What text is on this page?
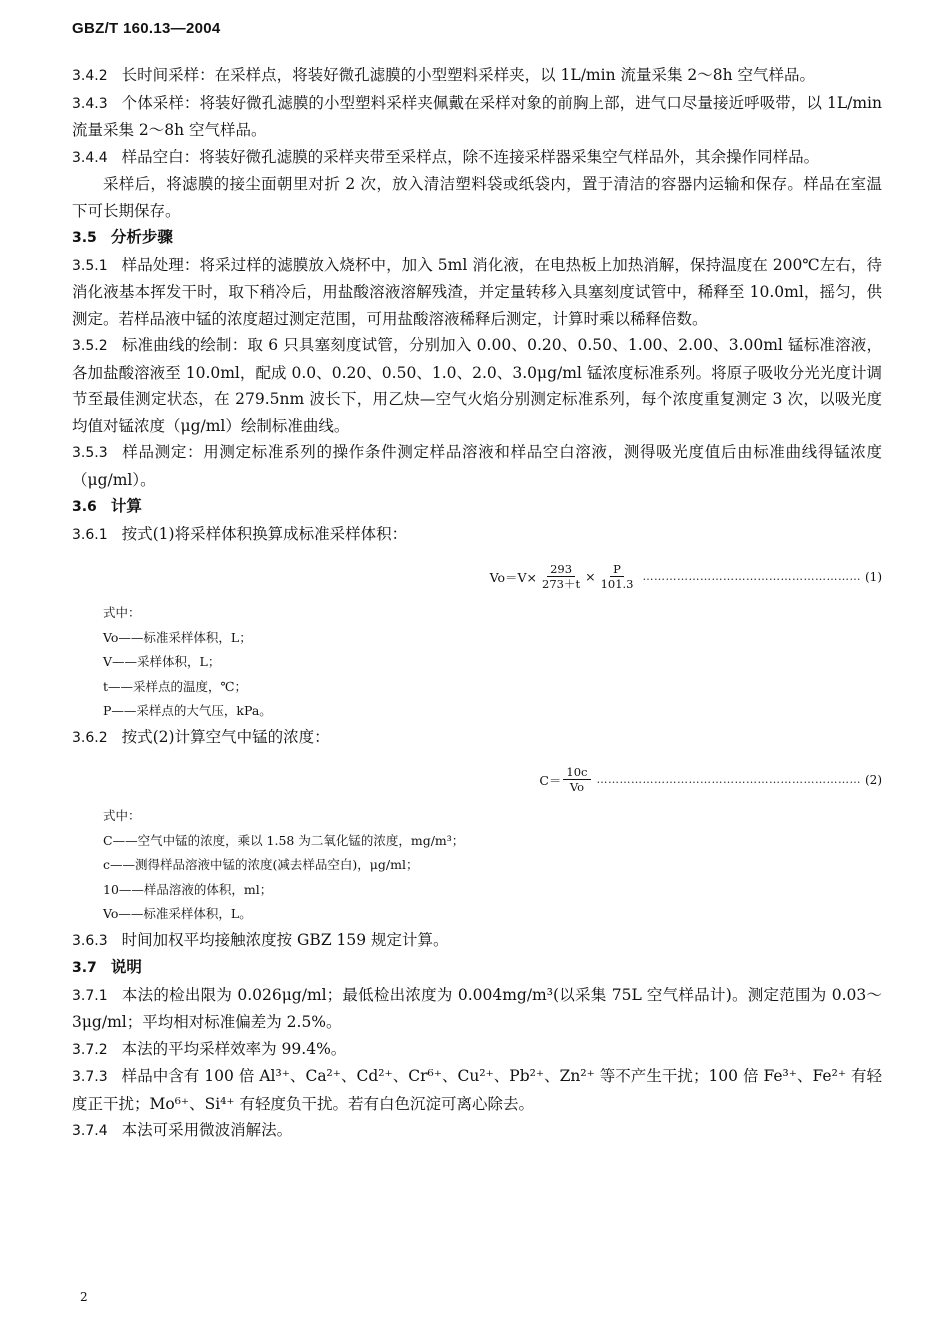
GBZ/T 160.13—2004

3.4.2 长时间采样：在采样点，将装好微孔滤膜的小型塑料采样夹，以 1L/min 流量采集 2～8h 空气样品。

3.4.3 个体采样：将装好微孔滤膜的小型塑料采样夹佩戴在采样对象的前胸上部，进气口尽量接近呼吸带，以 1L/min 流量采集 2～8h 空气样品。

3.4.4 样品空白：将装好微孔滤膜的采样夹带至采样点，除不连接采样器采集空气样品外，其余操作同样品。

采样后，将滤膜的接尘面朝里对折 2 次，放入清洁塑料袋或纸袋内，置于清洁的容器内运输和保存。样品在室温下可长期保存。

3.5 分析步骤

3.5.1 样品处理：将采过样的滤膜放入烧杯中，加入 5ml 消化液，在电热板上加热消解，保持温度在 200℃左右，待消化液基本挥发干时，取下稍冷后，用盐酸溶液溶解残渣，并定量转移入具塞刻度试管中，稀释至 10.0ml，摇匀，供测定。若样品液中锰的浓度超过测定范围，可用盐酸溶液稀释后测定，计算时乘以稀释倍数。

3.5.2 标准曲线的绘制：取 6 只具塞刻度试管，分别加入 0.00、0.20、0.50、1.00、2.00、3.00ml 锰标准溶液，各加盐酸溶液至 10.0ml，配成 0.0、0.20、0.50、1.0、2.0、3.0μg/ml 锰浓度标准系列。将原子吸收分光光度计调节至最佳测定状态，在 279.5nm 波长下，用乙炔—空气火焰分别测定标准系列，每个浓度重复测定 3 次，以吸光度均值对锰浓度（μg/ml）绘制标准曲线。

3.5.3 样品测定：用测定标准系列的操作条件测定样品溶液和样品空白溶液，测得吸光度值后由标准曲线得锰浓度（μg/ml）。

3.6 计算

3.6.1 按式(1)将采样体积换算成标准采样体积：

$Vo=V\times \frac{293}{273+t} \times \frac{P}{101.3}$ ………………………………………………… (1)

式中：

Vo——标准采样体积，L；

V——采样体积，L；

t——采样点的温度，℃；

P——采样点的大气压，kPa。

3.6.2 按式(2)计算空气中锰的浓度：

$C= \frac{10c}{Vo}$ …………………………………………………………… (2)

式中：

C——空气中锰的浓度，乘以 1.58 为二氧化锰的浓度，mg/m³；

c——测得样品溶液中锰的浓度(减去样品空白)，μg/ml；

10——样品溶液的体积，ml；

Vo——标准采样体积，L。

3.6.3 时间加权平均接触浓度按 GBZ 159 规定计算。

3.7 说明

3.7.1 本法的检出限为 0.026μg/ml；最低检出浓度为 0.004mg/m³(以采集 75L 空气样品计)。测定范围为 0.03～3μg/ml；平均相对标准偏差为 2.5%。

3.7.2 本法的平均采样效率为 99.4%。

3.7.3 样品中含有 100 倍 Al³⁺、Ca²⁺、Cd²⁺、Cr⁶⁺、Cu²⁺、Pb²⁺、Zn²⁺ 等不产生干扰；100 倍 Fe³⁺、Fe²⁺ 有轻度正干扰；Mo⁶⁺、Si⁴⁺ 有轻度负干扰。若有白色沉淀可离心除去。

3.7.4 本法可采用微波消解法。

2
